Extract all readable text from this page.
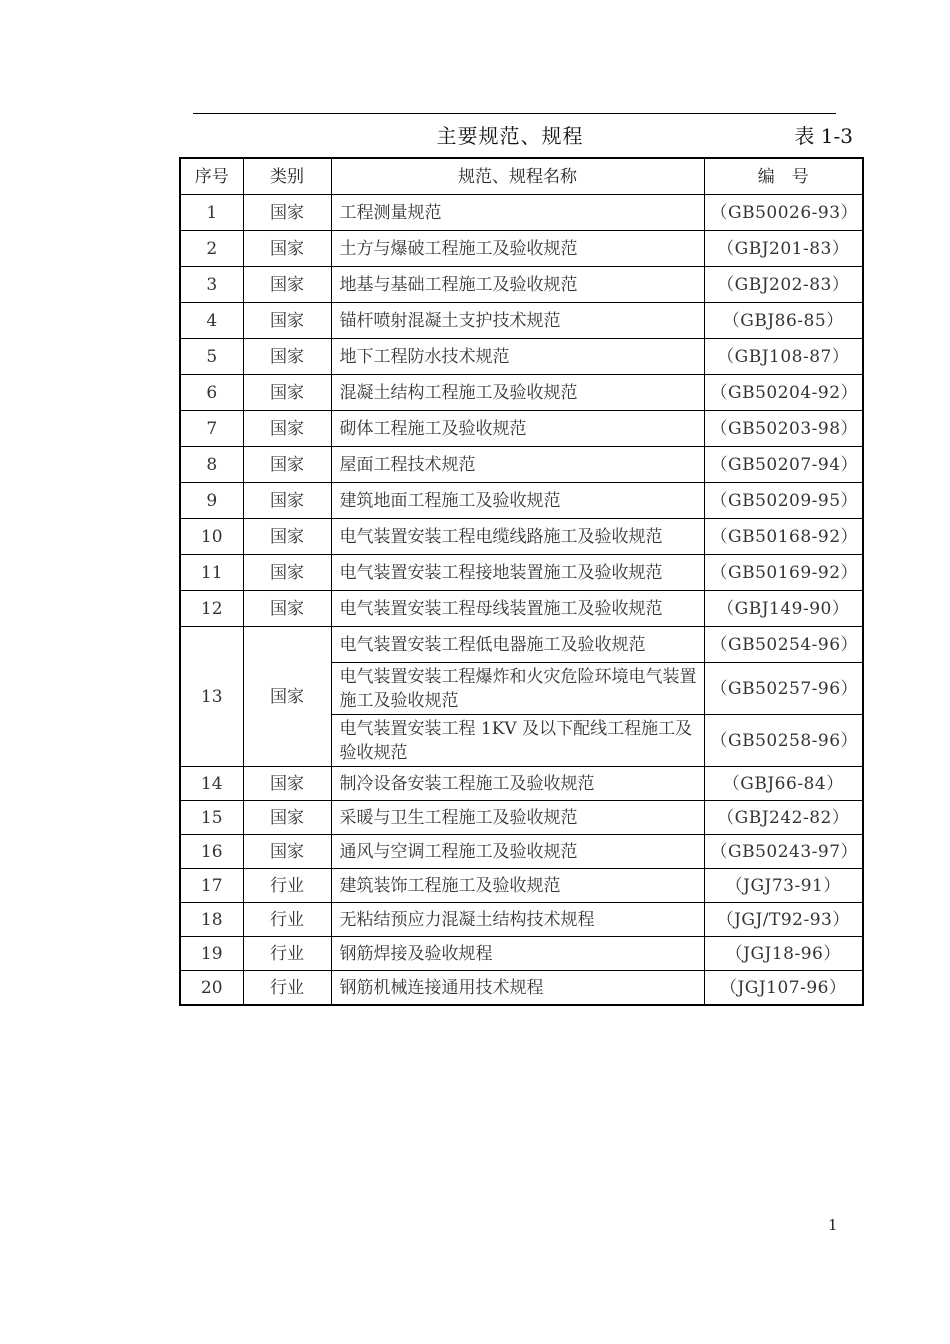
主要规范、规程	表 1-3
序号	类别	规范、规程名称	编　号
1	国家	工程测量规范	（GB50026-93）
2	国家	土方与爆破工程施工及验收规范	（GBJ201-83）
3	国家	地基与基础工程施工及验收规范	（GBJ202-83）
4	国家	锚杆喷射混凝土支护技术规范	（GBJ86-85）
5	国家	地下工程防水技术规范	（GBJ108-87）
6	国家	混凝土结构工程施工及验收规范	（GB50204-92）
7	国家	砌体工程施工及验收规范	（GB50203-98）
8	国家	屋面工程技术规范	（GB50207-94）
9	国家	建筑地面工程施工及验收规范	（GB50209-95）
10	国家	电气装置安装工程电缆线路施工及验收规范	（GB50168-92）
11	国家	电气装置安装工程接地装置施工及验收规范	（GB50169-92）
12	国家	电气装置安装工程母线装置施工及验收规范	（GBJ149-90）
13	国家	电气装置安装工程低电器施工及验收规范	（GB50254-96）
		电气装置安装工程爆炸和火灾危险环境电气装置施工及验收规范	（GB50257-96）
		电气装置安装工程 1KV 及以下配线工程施工及验收规范	（GB50258-96）
14	国家	制冷设备安装工程施工及验收规范	（GBJ66-84）
15	国家	采暖与卫生工程施工及验收规范	（GBJ242-82）
16	国家	通风与空调工程施工及验收规范	（GB50243-97）
17	行业	建筑装饰工程施工及验收规范	（JGJ73-91）
18	行业	无粘结预应力混凝土结构技术规程	（JGJ/T92-93）
19	行业	钢筋焊接及验收规程	（JGJ18-96）
20	行业	钢筋机械连接通用技术规程	（JGJ107-96）
1
